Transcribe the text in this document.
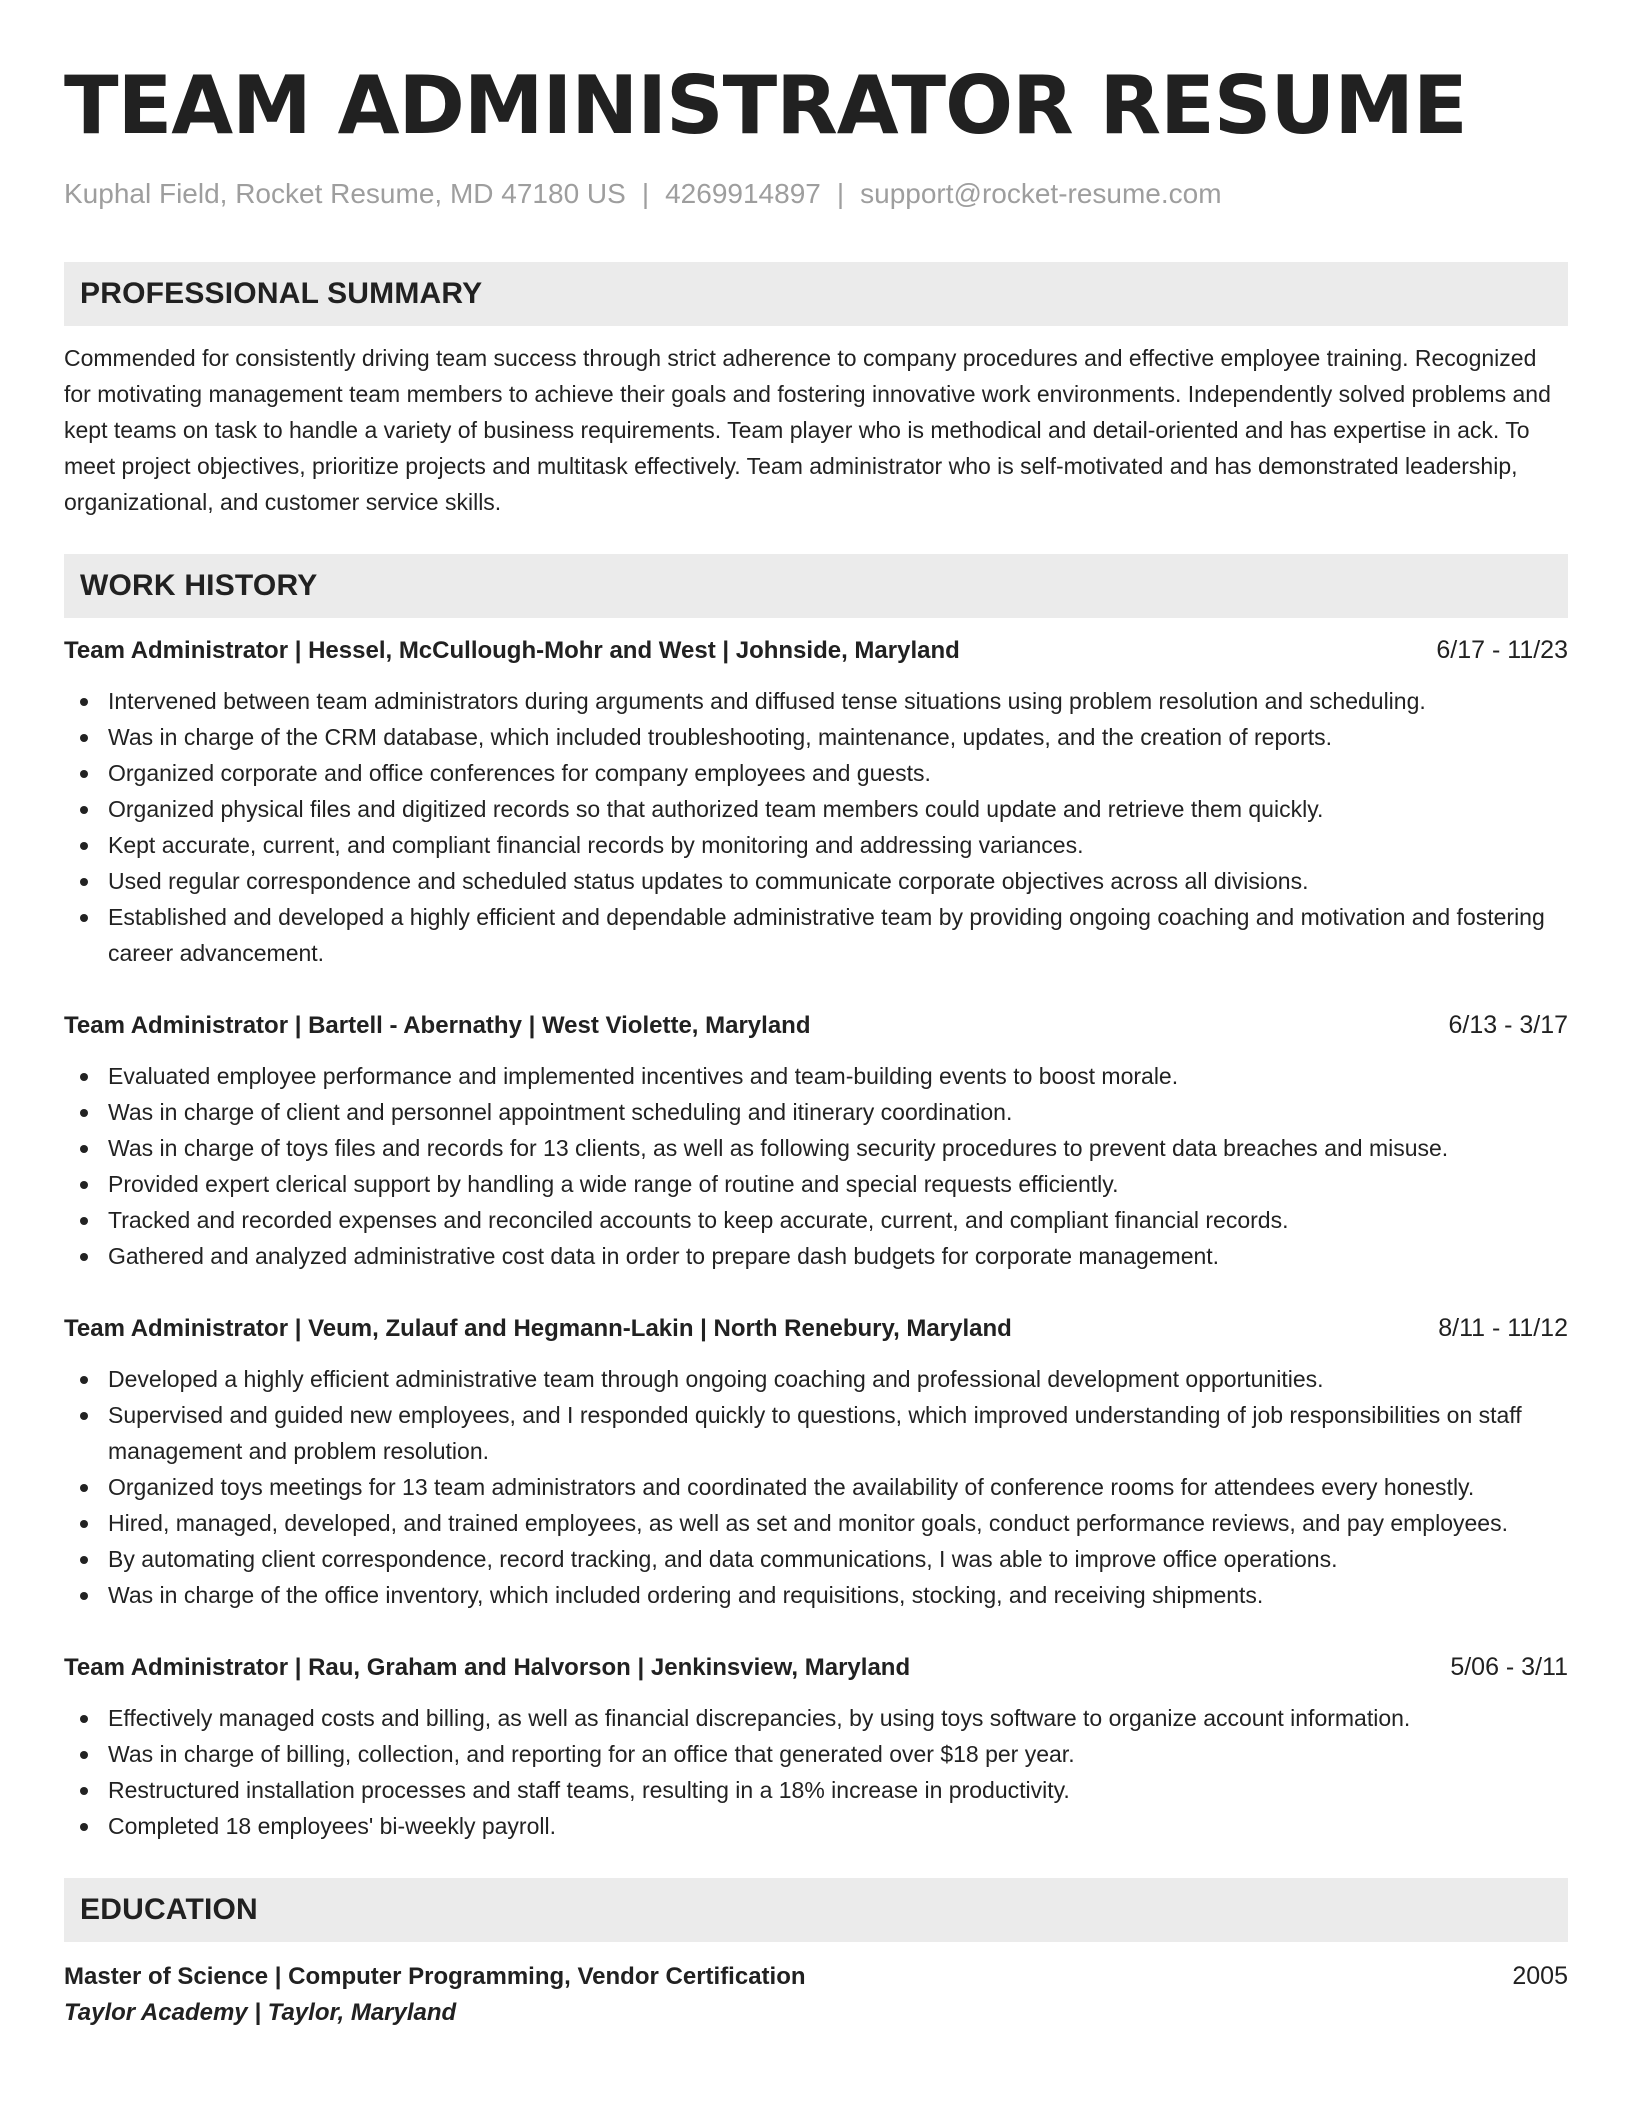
TEAM ADMINISTRATOR RESUME
Kuphal Field, Rocket Resume, MD 47180 US | 4269914897 | support@rocket-resume.com
PROFESSIONAL SUMMARY

Commended for consistently driving team success through strict adherence to company procedures and effective employee training. Recognized for motivating management team members to achieve their goals and fostering innovative work environments. Independently solved problems and kept teams on task to handle a variety of business requirements. Team player who is methodical and detail-oriented and has expertise in ack. To meet project objectives, prioritize projects and multitask effectively. Team administrator who is self-motivated and has demonstrated leadership, organizational, and customer service skills.

WORK HISTORY
Team Administrator | Hessel, McCullough-Mohr and West | Johnside, Maryland	6/17 - 11/23
Intervened between team administrators during arguments and diffused tense situations using problem resolution and scheduling.
Was in charge of the CRM database, which included troubleshooting, maintenance, updates, and the creation of reports.
Organized corporate and office conferences for company employees and guests.
Organized physical files and digitized records so that authorized team members could update and retrieve them quickly.
Kept accurate, current, and compliant financial records by monitoring and addressing variances.
Used regular correspondence and scheduled status updates to communicate corporate objectives across all divisions.
Established and developed a highly efficient and dependable administrative team by providing ongoing coaching and motivation and fostering career advancement.
Team Administrator | Bartell - Abernathy | West Violette, Maryland	6/13 - 3/17
Evaluated employee performance and implemented incentives and team-building events to boost morale.
Was in charge of client and personnel appointment scheduling and itinerary coordination.
Was in charge of toys files and records for 13 clients, as well as following security procedures to prevent data breaches and misuse.
Provided expert clerical support by handling a wide range of routine and special requests efficiently.
Tracked and recorded expenses and reconciled accounts to keep accurate, current, and compliant financial records.
Gathered and analyzed administrative cost data in order to prepare dash budgets for corporate management.
Team Administrator | Veum, Zulauf and Hegmann-Lakin | North Renebury, Maryland	8/11 - 11/12
Developed a highly efficient administrative team through ongoing coaching and professional development opportunities.
Supervised and guided new employees, and I responded quickly to questions, which improved understanding of job responsibilities on staff management and problem resolution.
Organized toys meetings for 13 team administrators and coordinated the availability of conference rooms for attendees every honestly.
Hired, managed, developed, and trained employees, as well as set and monitor goals, conduct performance reviews, and pay employees.
By automating client correspondence, record tracking, and data communications, I was able to improve office operations.
Was in charge of the office inventory, which included ordering and requisitions, stocking, and receiving shipments.
Team Administrator | Rau, Graham and Halvorson | Jenkinsview, Maryland	5/06 - 3/11
Effectively managed costs and billing, as well as financial discrepancies, by using toys software to organize account information.
Was in charge of billing, collection, and reporting for an office that generated over $18 per year.
Restructured installation processes and staff teams, resulting in a 18% increase in productivity.
Completed 18 employees' bi-weekly payroll.
EDUCATION
Master of Science | Computer Programming, Vendor Certification	2005
Taylor Academy | Taylor, Maryland
